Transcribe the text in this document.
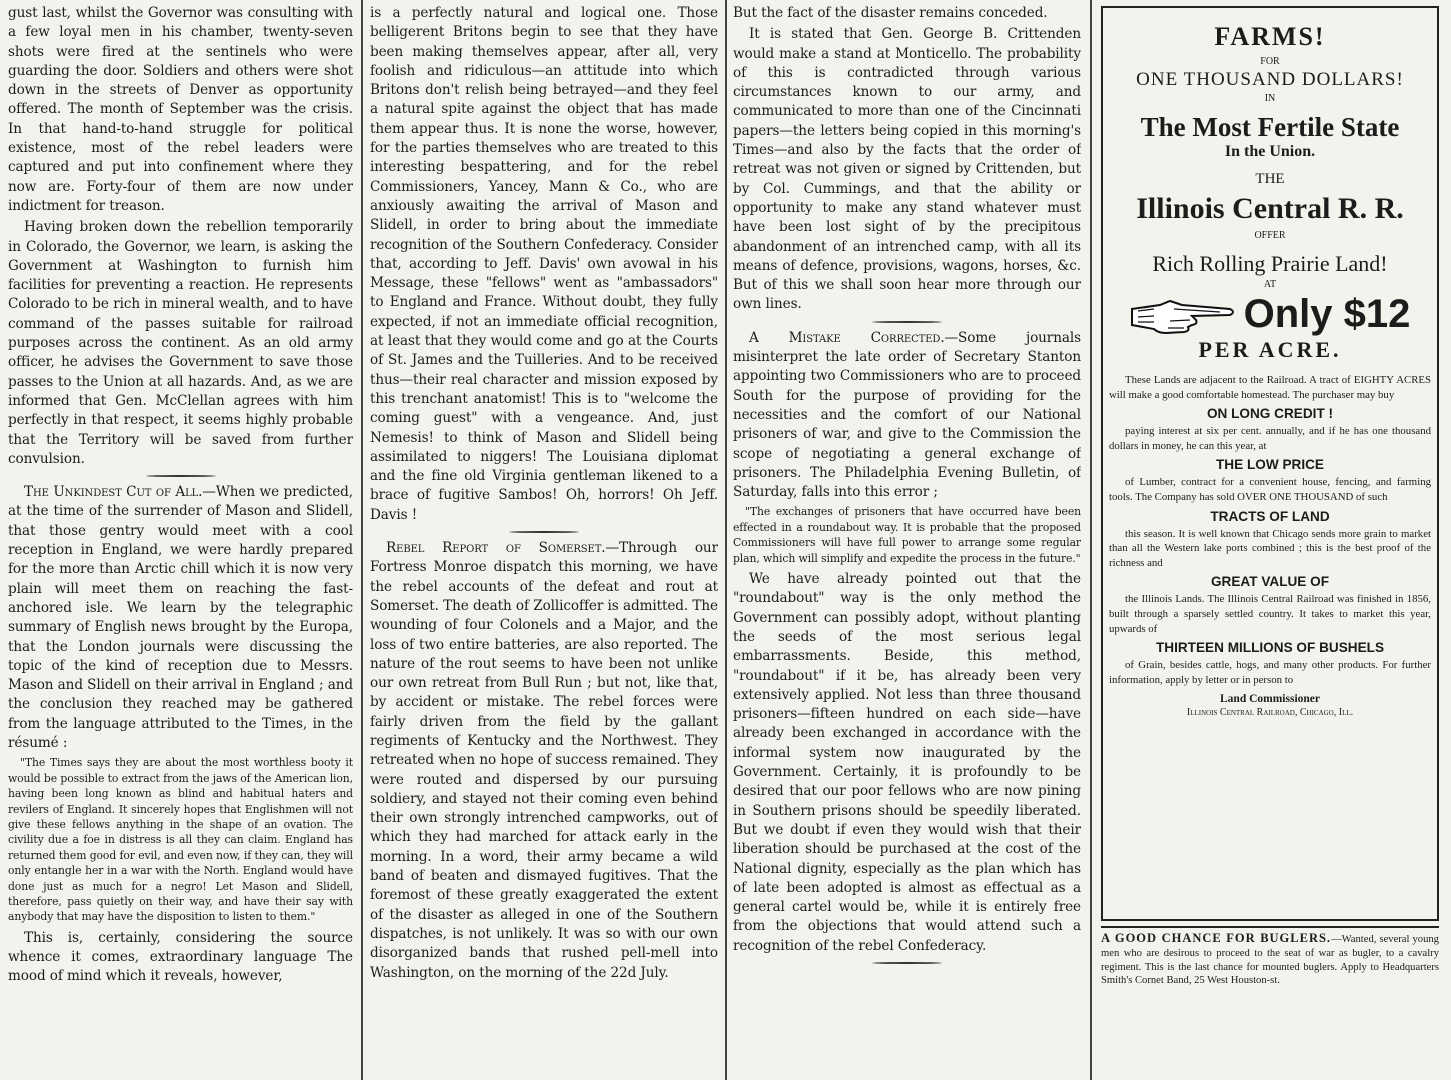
gust last, whilst the Governor was consulting with a few loyal men in his chamber, twenty-seven shots were fired at the sentinels who were guarding the door. Soldiers and others were shot down in the streets of Denver as opportunity offered. The month of September was the crisis. In that hand-to-hand struggle for political existence, most of the rebel leaders were captured and put into confinement where they now are. Forty-four of them are now under indictment for treason.

Having broken down the rebellion temporarily in Colorado, the Governor, we learn, is asking the Government at Washington to furnish him facilities for preventing a reaction. He represents Colorado to be rich in mineral wealth, and to have command of the passes suitable for railroad purposes across the continent. As an old army officer, he advises the Government to save those passes to the Union at all hazards. And, as we are informed that Gen. McClellan agrees with him perfectly in that respect, it seems highly probable that the Territory will be saved from further convulsion.

The Unkindest Cut of All.—When we predicted, at the time of the surrender of Mason and Slidell, that those gentry would meet with a cool reception in England, we were hardly prepared for the more than Arctic chill which it is now very plain will meet them on reaching the fast-anchored isle. We learn by the telegraphic summary of English news brought by the Europa, that the London journals were discussing the topic of the kind of reception due to Messrs. Mason and Slidell on their arrival in England ; and the conclusion they reached may be gathered from the language attributed to the Times, in the résumé :

"The Times says they are about the most worthless booty it would be possible to extract from the jaws of the American lion, having been long known as blind and habitual haters and revilers of England. It sincerely hopes that Englishmen will not give these fellows anything in the shape of an ovation. The civility due a foe in distress is all they can claim. England has returned them good for evil, and even now, if they can, they will only entangle her in a war with the North. England would have done just as much for a negro! Let Mason and Slidell, therefore, pass quietly on their way, and have their say with anybody that may have the disposition to listen to them."

This is, certainly, considering the source whence it comes, extraordinary language The mood of mind which it reveals, however,

is a perfectly natural and logical one. Those belligerent Britons begin to see that they have been making themselves appear, after all, very foolish and ridiculous—an attitude into which Britons don't relish being betrayed—and they feel a natural spite against the object that has made them appear thus. It is none the worse, however, for the parties themselves who are treated to this interesting bespattering, and for the rebel Commissioners, Yancey, Mann & Co., who are anxiously awaiting the arrival of Mason and Slidell, in order to bring about the immediate recognition of the Southern Confederacy. Consider that, according to Jeff. Davis' own avowal in his Message, these "fellows" went as "ambassadors" to England and France. Without doubt, they fully expected, if not an immediate official recognition, at least that they would come and go at the Courts of St. James and the Tuilleries. And to be received thus—their real character and mission exposed by this trenchant anatomist! This is to "welcome the coming guest" with a vengeance. And, just Nemesis! to think of Mason and Slidell being assimilated to niggers! The Louisiana diplomat and the fine old Virginia gentleman likened to a brace of fugitive Sambos! Oh, horrors! Oh Jeff. Davis !

Rebel Report of Somerset.—Through our Fortress Monroe dispatch this morning, we have the rebel accounts of the defeat and rout at Somerset. The death of Zollicoffer is admitted. The wounding of four Colonels and a Major, and the loss of two entire batteries, are also reported. The nature of the rout seems to have been not unlike our own retreat from Bull Run ; but not, like that, by accident or mistake. The rebel forces were fairly driven from the field by the gallant regiments of Kentucky and the Northwest. They retreated when no hope of success remained. They were routed and dispersed by our pursuing soldiery, and stayed not their coming even behind their own strongly intrenched campworks, out of which they had marched for attack early in the morning. In a word, their army became a wild band of beaten and dismayed fugitives. That the foremost of these greatly exaggerated the extent of the disaster as alleged in one of the Southern dispatches, is not unlikely. It was so with our own disorganized bands that rushed pell-mell into Washington, on the morning of the 22d July.

But the fact of the disaster remains conceded.

It is stated that Gen. George B. Crittenden would make a stand at Monticello. The probability of this is contradicted through various circumstances known to our army, and communicated to more than one of the Cincinnati papers—the letters being copied in this morning's Times—and also by the facts that the order of retreat was not given or signed by Crittenden, but by Col. Cummings, and that the ability or opportunity to make any stand whatever must have been lost sight of by the precipitous abandonment of an intrenched camp, with all its means of defence, provisions, wagons, horses, &c. But of this we shall soon hear more through our own lines.

A Mistake Corrected.—Some journals misinterpret the late order of Secretary Stanton appointing two Commissioners who are to proceed South for the purpose of providing for the necessities and the comfort of our National prisoners of war, and give to the Commission the scope of negotiating a general exchange of prisoners. The Philadelphia Evening Bulletin, of Saturday, falls into this error ;

"The exchanges of prisoners that have occurred have been effected in a roundabout way. It is probable that the proposed Commissioners will have full power to arrange some regular plan, which will simplify and expedite the process in the future."

We have already pointed out that the "roundabout" way is the only method the Government can possibly adopt, without planting the seeds of the most serious legal embarrassments. Beside, this method, "roundabout" if it be, has already been very extensively applied. Not less than three thousand prisoners—fifteen hundred on each side—have already been exchanged in accordance with the informal system now inaugurated by the Government. Certainly, it is profoundly to be desired that our poor fellows who are now pining in Southern prisons should be speedily liberated. But we doubt if even they would wish that their liberation should be purchased at the cost of the National dignity, especially as the plan which has of late been adopted is almost as effectual as a general cartel would be, while it is entirely free from the objections that would attend such a recognition of the rebel Confederacy.

FARMS!
FOR
ONE THOUSAND DOLLARS!
IN
The Most Fertile State
In the Union.
THE
Illinois Central R. R.
OFFER
Rich Rolling Prairie Land!
AT
Only $12
PER ACRE.

These Lands are adjacent to the Railroad. A tract of EIGHTY ACRES will make a good comfortable homestead. The purchaser may buy

ON LONG CREDIT !

paying interest at six per cent. annually, and if he has one thousand dollars in money, he can this year, at

THE LOW PRICE

of Lumber, contract for a convenient house, fencing, and farming tools. The Company has sold OVER ONE THOUSAND of such

TRACTS OF LAND

this season. It is well known that Chicago sends more grain to market than all the Western lake ports combined ; this is the best proof of the richness and

GREAT VALUE OF

the Illinois Lands. The Illinois Central Railroad was finished in 1856, built through a sparsely settled country. It takes to market this year, upwards of

THIRTEEN MILLIONS OF BUSHELS

of Grain, besides cattle, hogs, and many other products. For further information, apply by letter or in person to

Land Commissioner
Illinois Central Railroad, Chicago, Ill.
A GOOD CHANCE FOR BUGLERS.—Wanted, several young men who are desirous to proceed to the seat of war as bugler, to a cavalry regiment. This is the last chance for mounted buglers. Apply to Headquarters Smith's Cornet Band, 25 West Houston-st.
